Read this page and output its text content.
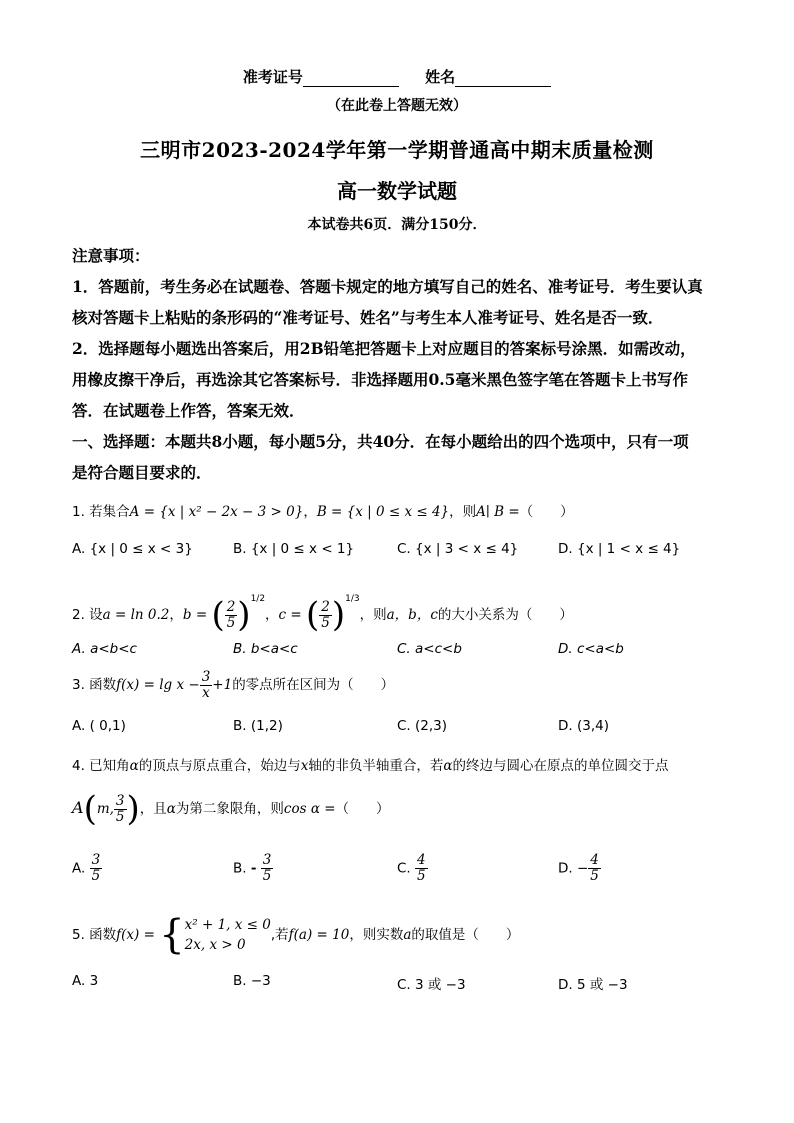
准考证号	姓名
（在此卷上答题无效）
三明市2023-2024学年第一学期普通高中期末质量检测
高一数学试题
本试卷共6页．满分150分．
注意事项：
1．答题前，考生务必在试题卷、答题卡规定的地方填写自己的姓名、准考证号．考生要认真
核对答题卡上粘贴的条形码的“准考证号、姓名”与考生本人准考证号、姓名是否一致．
2．选择题每小题选出答案后，用2B铅笔把答题卡上对应题目的答案标号涂黑．如需改动，
用橡皮擦干净后，再选涂其它答案标号．非选择题用0.5毫米黑色签字笔在答题卡上书写作
答．在试题卷上作答，答案无效．
一、选择题：本题共8小题，每小题5分，共40分．在每小题给出的四个选项中，只有一项
是符合题目要求的．
1. 若集合A = {x | x² − 2x − 3 > 0}，B = {x | 0 ≤ x ≤ 4}，则A∣ B =（　　）
A. {x | 0 ≤ x < 3}	B. {x | 0 ≤ x < 1}	C. {x | 3 < x ≤ 4}	D. {x | 1 < x ≤ 4}
2. 设a = ln 0.2，b = ( $\frac{2}{5} )^{1/2}$，c = ( $\frac{2}{5} )^{1/3}$，则a，b，c的大小关系为（　　）
A. a<b<c	B. b<a<c	C. a<c<b	D. c<a<b
3. 函数$f(x) = \lg x - \frac{3}{x} +1$的零点所在区间为（　　）
A. ( 0,1)	B. (1,2)	C. (2,3)	D. (3,4)
4. 已知角α的顶点与原点重合，始边与x轴的非负半轴重合，若α的终边与圆心在原点的单位圆交于点
A(m, $\frac{3}{5}$ )，且α为第二象限角，则cos α =（　　）
A. $\frac{3}{5}$	B. - $\frac{3}{5}$	C. $\frac{4}{5}$	D. − $\frac{4}{5}$
5. 函数f(x) = { x² + 1, x ≤ 0
2x, x > 0
,若f(a) = 10，则实数a的取值是（　　）
A. 3	B. −3	C. 3 或 −3	D. 5 或 −3
